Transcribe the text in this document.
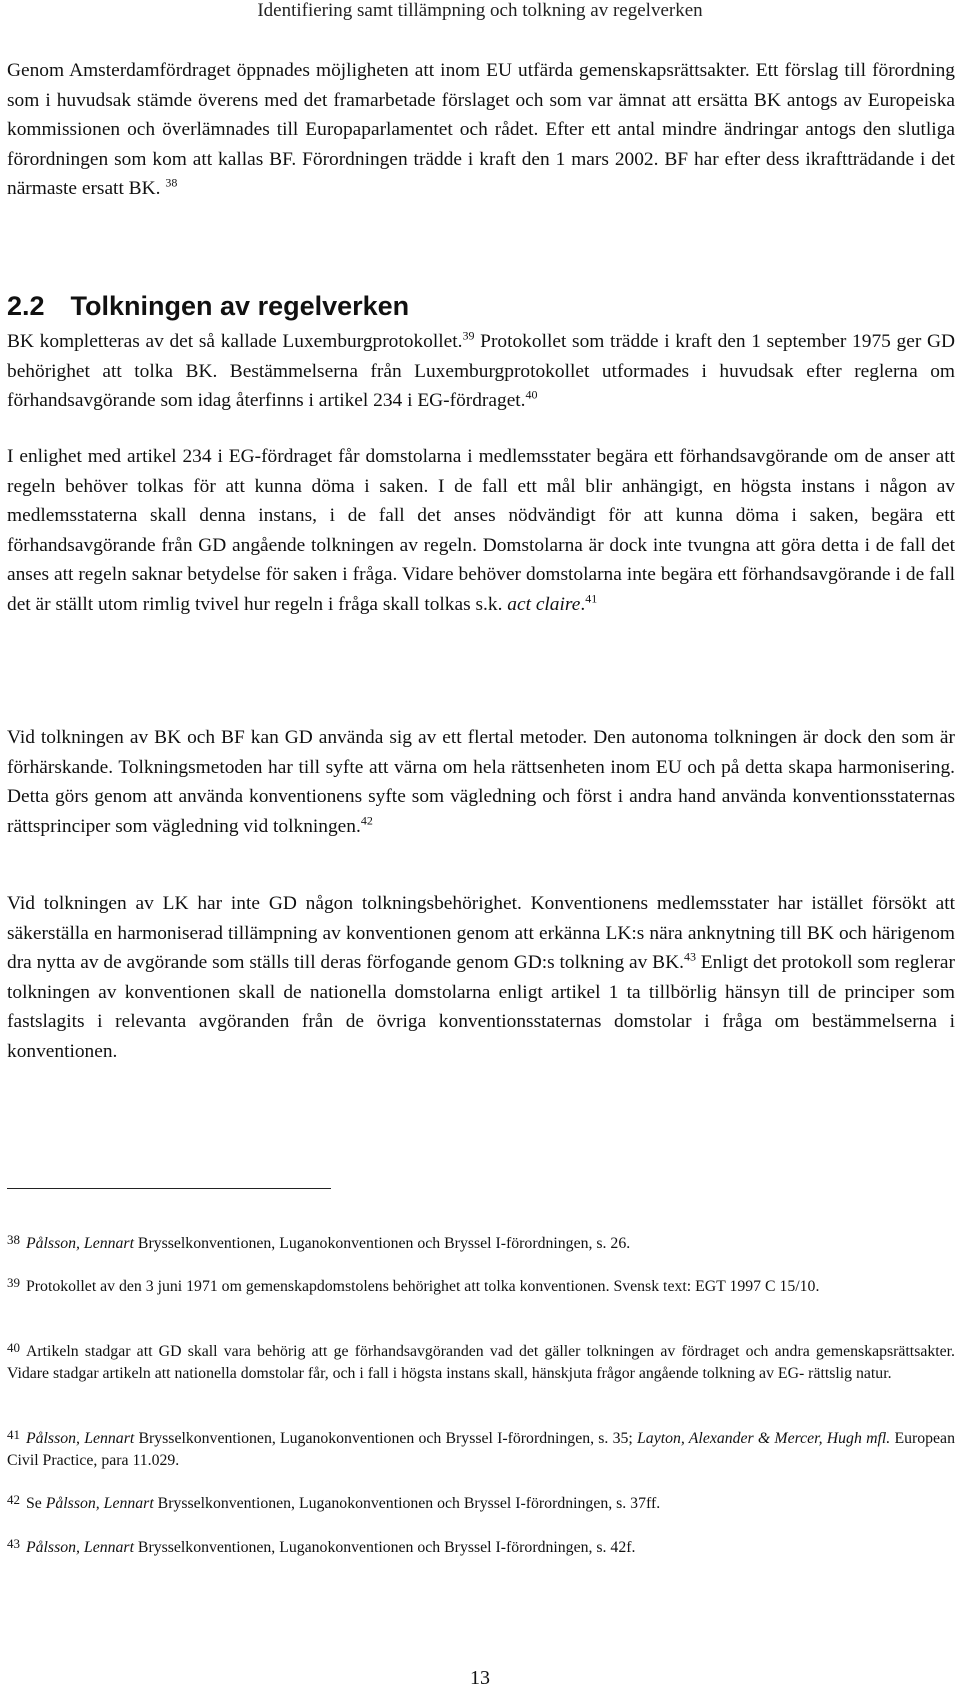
Identifiering samt tillämpning och tolkning av regelverken

Genom Amsterdamfördraget öppnades möjligheten att inom EU utfärda gemenskapsrättsakter. Ett förslag till förordning som i huvudsak stämde överens med det framarbetade förslaget och som var ämnat att ersätta BK antogs av Europeiska kommissionen och överlämnades till Europaparlamentet och rådet. Efter ett antal mindre ändringar antogs den slutliga förordningen som kom att kallas BF. Förordningen trädde i kraft den 1 mars 2002. BF har efter dess ikraftträdande i det närmaste ersatt BK. $^{38}$

2.2 Tolkningen av regelverken

BK kompletteras av det så kallade Luxemburgprotokollet.$^{39}$ Protokollet som trädde i kraft den 1 september 1975 ger GD behörighet att tolka BK. Bestämmelserna från Luxemburgprotokollet utformades i huvudsak efter reglerna om förhandsavgörande som idag återfinns i artikel 234 i EG-fördraget.$^{40}$

I enlighet med artikel 234 i EG-fördraget får domstolarna i medlemsstater begära ett förhandsavgörande om de anser att regeln behöver tolkas för att kunna döma i saken. I de fall ett mål blir anhängigt, en högsta instans i någon av medlemsstaterna skall denna instans, i de fall det anses nödvändigt för att kunna döma i saken, begära ett förhandsavgörande från GD angående tolkningen av regeln. Domstolarna är dock inte tvungna att göra detta i de fall det anses att regeln saknar betydelse för saken i fråga. Vidare behöver domstolarna inte begära ett förhandsavgörande i de fall det är ställt utom rimlig tvivel hur regeln i fråga skall tolkas s.k. act claire.$^{41}$

Vid tolkningen av BK och BF kan GD använda sig av ett flertal metoder. Den autonoma tolkningen är dock den som är förhärskande. Tolkningsmetoden har till syfte att värna om hela rättsenheten inom EU och på detta skapa harmonisering. Detta görs genom att använda konventionens syfte som vägledning och först i andra hand använda konventionsstaternas rättsprinciper som vägledning vid tolkningen.$^{42}$

Vid tolkningen av LK har inte GD någon tolkningsbehörighet. Konventionens medlemsstater har istället försökt att säkerställa en harmoniserad tillämpning av konventionen genom att erkänna LK:s nära anknytning till BK och härigenom dra nytta av de avgörande som ställs till deras förfogande genom GD:s tolkning av BK.$^{43}$ Enligt det protokoll som reglerar tolkningen av konventionen skall de nationella domstolarna enligt artikel 1 ta tillbörlig hänsyn till de principer som fastslagits i relevanta avgöranden från de övriga konventionsstaternas domstolar i fråga om bestämmelserna i konventionen.

$^{38}$ Pålsson, Lennart Brysselkonventionen, Luganokonventionen och Bryssel I-förordningen, s. 26.

$^{39}$ Protokollet av den 3 juni 1971 om gemenskapdomstolens behörighet att tolka konventionen. Svensk text: EGT 1997 C 15/10.

$^{40}$ Artikeln stadgar att GD skall vara behörig att ge förhandsavgöranden vad det gäller tolkningen av fördraget och andra gemenskapsrättsakter. Vidare stadgar artikeln att nationella domstolar får, och i fall i högsta instans skall, hänskjuta frågor angående tolkning av EG- rättslig natur.

$^{41}$ Pålsson, Lennart Brysselkonventionen, Luganokonventionen och Bryssel I-förordningen, s. 35; Layton, Alexander & Mercer, Hugh mfl. European Civil Practice, para 11.029.

$^{42}$ Se Pålsson, Lennart Brysselkonventionen, Luganokonventionen och Bryssel I-förordningen, s. 37ff.

$^{43}$ Pålsson, Lennart Brysselkonventionen, Luganokonventionen och Bryssel I-förordningen, s. 42f.

13
